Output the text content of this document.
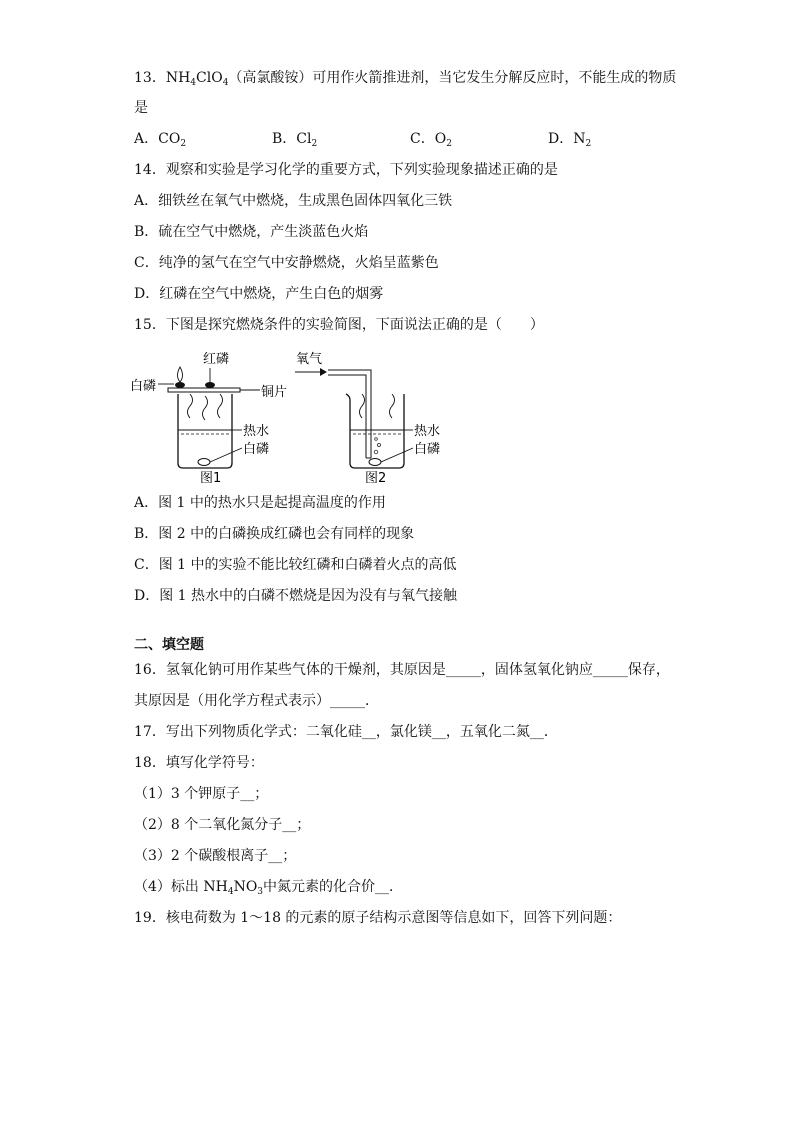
13．$NH_4ClO_4$（高氯酸铵）可用作火箭推进剂，当它发生分解反应时，不能生成的物质
是
A．$CO_2$	B．$Cl_2$	C．$O_2$	D．$N_2$
14．观察和实验是学习化学的重要方式，下列实验现象描述正确的是
A．细铁丝在氧气中燃烧，生成黑色固体四氧化三铁
B．硫在空气中燃烧，产生淡蓝色火焰
C．纯净的氢气在空气中安静燃烧，火焰呈蓝紫色
D．红磷在空气中燃烧，产生白色的烟雾
15．下图是探究燃烧条件的实验简图，下面说法正确的是（　　）
白磷
红磷
铜片
热水
白磷
图1
氧气
热水
白磷
图2
A．图 1 中的热水只是起提高温度的作用
B．图 2 中的白磷换成红磷也会有同样的现象
C．图 1 中的实验不能比较红磷和白磷着火点的高低
D．图 1 热水中的白磷不燃烧是因为没有与氧气接触
二、填空题
16．氢氧化钠可用作某些气体的干燥剂，其原因是_____，固体氢氧化钠应_____保存，
其原因是（用化学方程式表示）_____．
17．写出下列物质化学式：二氧化硅__，氯化镁__，五氧化二氮__．
18．填写化学符号：
（1）3 个钾原子__；
（2）8 个二氧化氮分子__；
（3）2 个碳酸根离子__；
（4）标出 $NH_4NO_3$中氮元素的化合价__．
19．核电荷数为 1～18 的元素的原子结构示意图等信息如下，回答下列问题：
